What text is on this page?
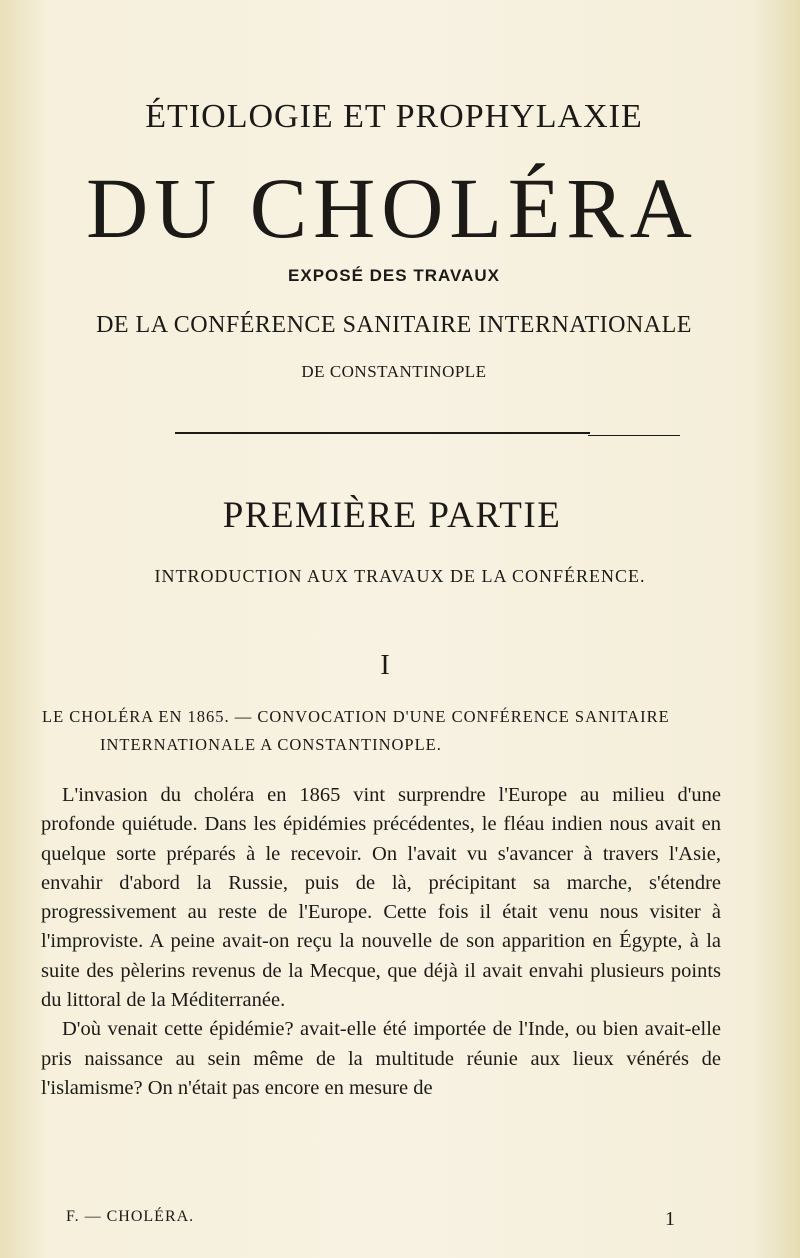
ÉTIOLOGIE ET PROPHYLAXIE
DU CHOLÉRA
EXPOSÉ DES TRAVAUX
DE LA CONFÉRENCE SANITAIRE INTERNATIONALE
DE CONSTANTINOPLE
PREMIÈRE PARTIE
INTRODUCTION AUX TRAVAUX DE LA CONFÉRENCE.
I
LE CHOLÉRA EN 1865. — CONVOCATION D'UNE CONFÉRENCE SANITAIRE
INTERNATIONALE A CONSTANTINOPLE.

L'invasion du choléra en 1865 vint surprendre l'Europe au milieu d'une profonde quiétude. Dans les épidémies précédentes, le fléau indien nous avait en quelque sorte préparés à le recevoir. On l'avait vu s'avancer à travers l'Asie, envahir d'abord la Russie, puis de là, précipitant sa marche, s'étendre progressivement au reste de l'Europe. Cette fois il était venu nous visiter à l'improviste. A peine avait-on reçu la nouvelle de son apparition en Égypte, à la suite des pèlerins revenus de la Mecque, que déjà il avait envahi plusieurs points du littoral de la Méditerranée.

D'où venait cette épidémie? avait-elle été importée de l'Inde, ou bien avait-elle pris naissance au sein même de la multitude réunie aux lieux vénérés de l'islamisme? On n'était pas encore en mesure de

F. — CHOLÉRA.	1
